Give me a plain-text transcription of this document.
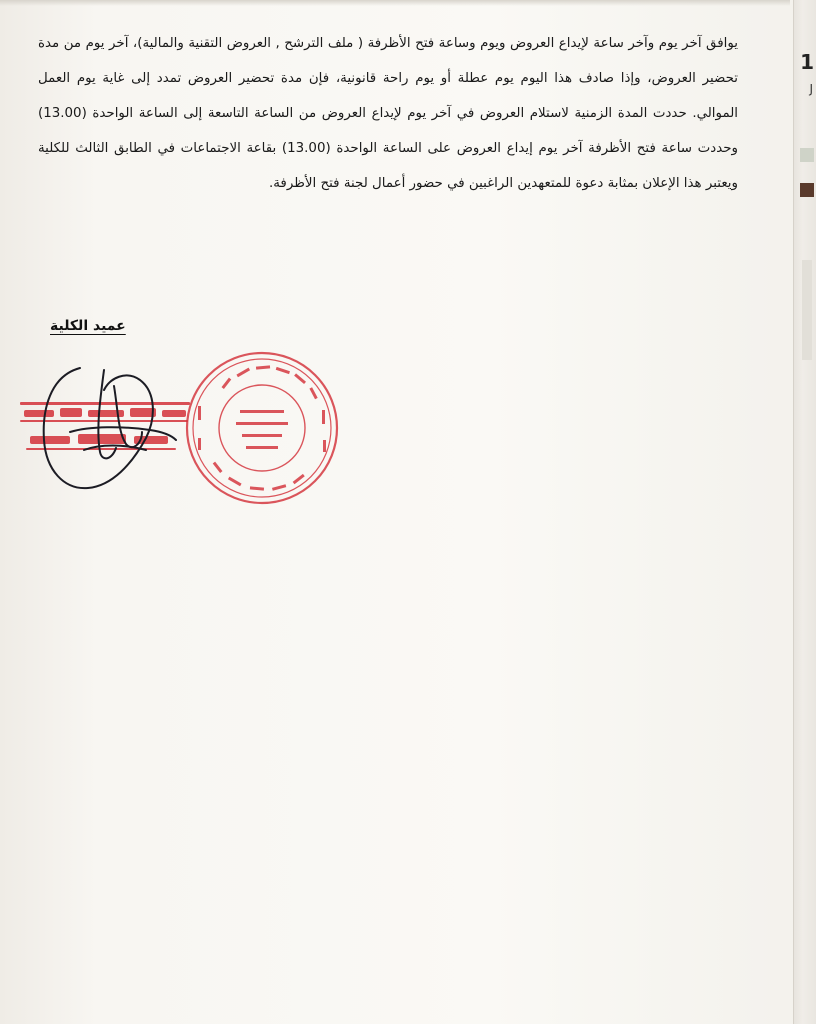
1
J

يوافق آخر يوم وآخر ساعة لإيداع العروض ويوم وساعة فتح الأظرفة ( ملف الترشح , العروض التقنية والمالية)، آخر يوم من مدة تحضير العروض، وإذا صادف هذا اليوم يوم عطلة أو يوم راحة قانونية، فإن مدة تحضير العروض تمدد إلى غاية يوم العمل الموالي. حددت المدة الزمنية لاستلام العروض في آخر يوم لإيداع العروض من الساعة التاسعة إلى الساعة الواحدة (13.00) وحددت ساعة فتح الأظرفة آخر يوم إيداع العروض على الساعة الواحدة (13.00) بقاعة الاجتماعات في الطابق الثالث للكلية ويعتبر هذا الإعلان بمثابة دعوة للمتعهدين الراغبين في حضور أعمال لجنة فتح الأظرفة.

عميد الكلية
